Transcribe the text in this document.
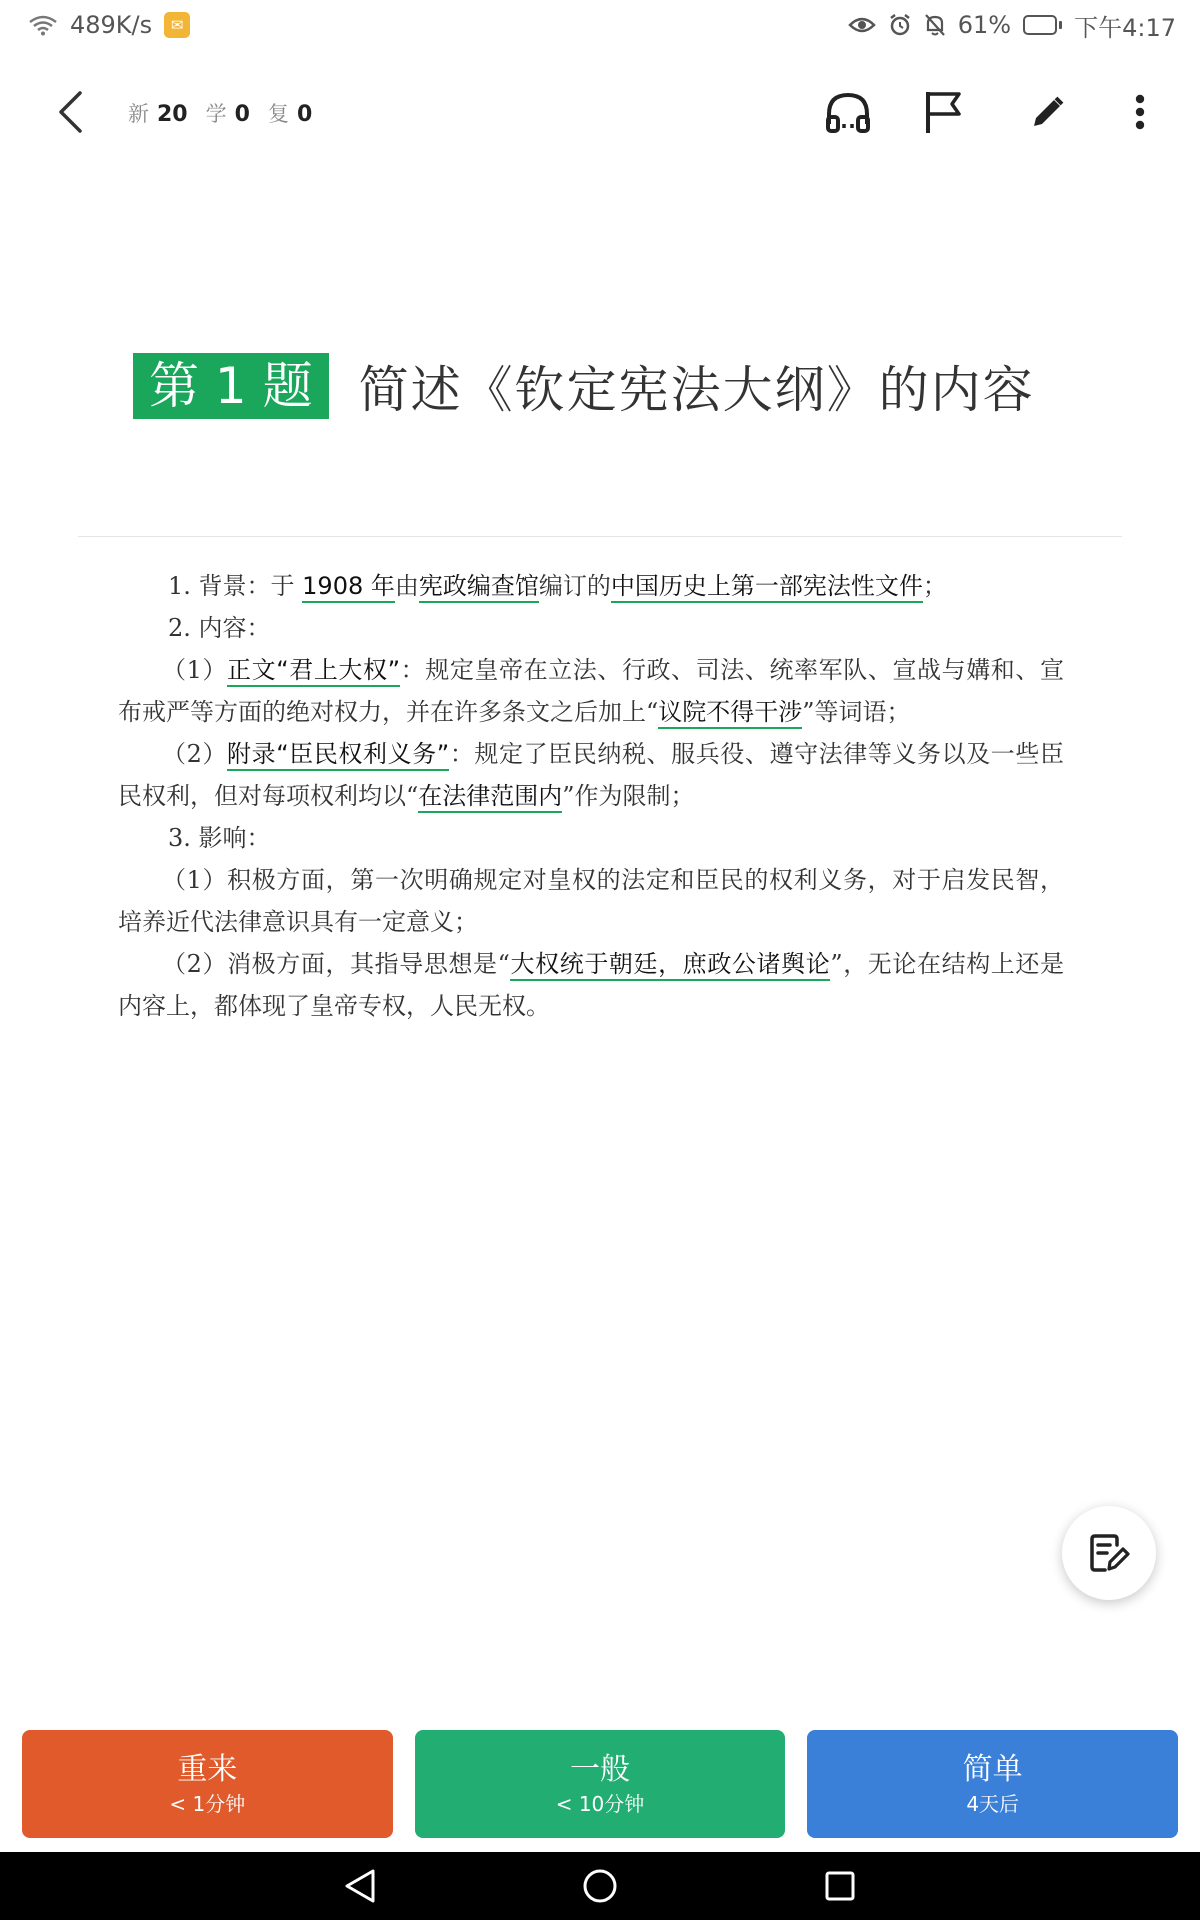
489K/s	✉	61%	下午4:17
新 20 学 0 复 0
第 1 题 简述《钦定宪法大纲》的内容

1. 背景：于 1908 年由宪政编查馆编订的中国历史上第一部宪法性文件；

2. 内容：

（1）正文“君上大权”：规定皇帝在立法、行政、司法、统率军队、宣战与媾和、宣布戒严等方面的绝对权力，并在许多条文之后加上“议院不得干涉”等词语；

（2）附录“臣民权利义务”：规定了臣民纳税、服兵役、遵守法律等义务以及一些臣民权利，但对每项权利均以“在法律范围内”作为限制；

3. 影响：

（1）积极方面，第一次明确规定对皇权的法定和臣民的权利义务，对于启发民智，培养近代法律意识具有一定意义；

（2）消极方面，其指导思想是“大权统于朝廷，庶政公诸舆论”，无论在结构上还是内容上，都体现了皇帝专权，人民无权。

重来
< 1分钟
一般
< 10分钟
简单
4天后
